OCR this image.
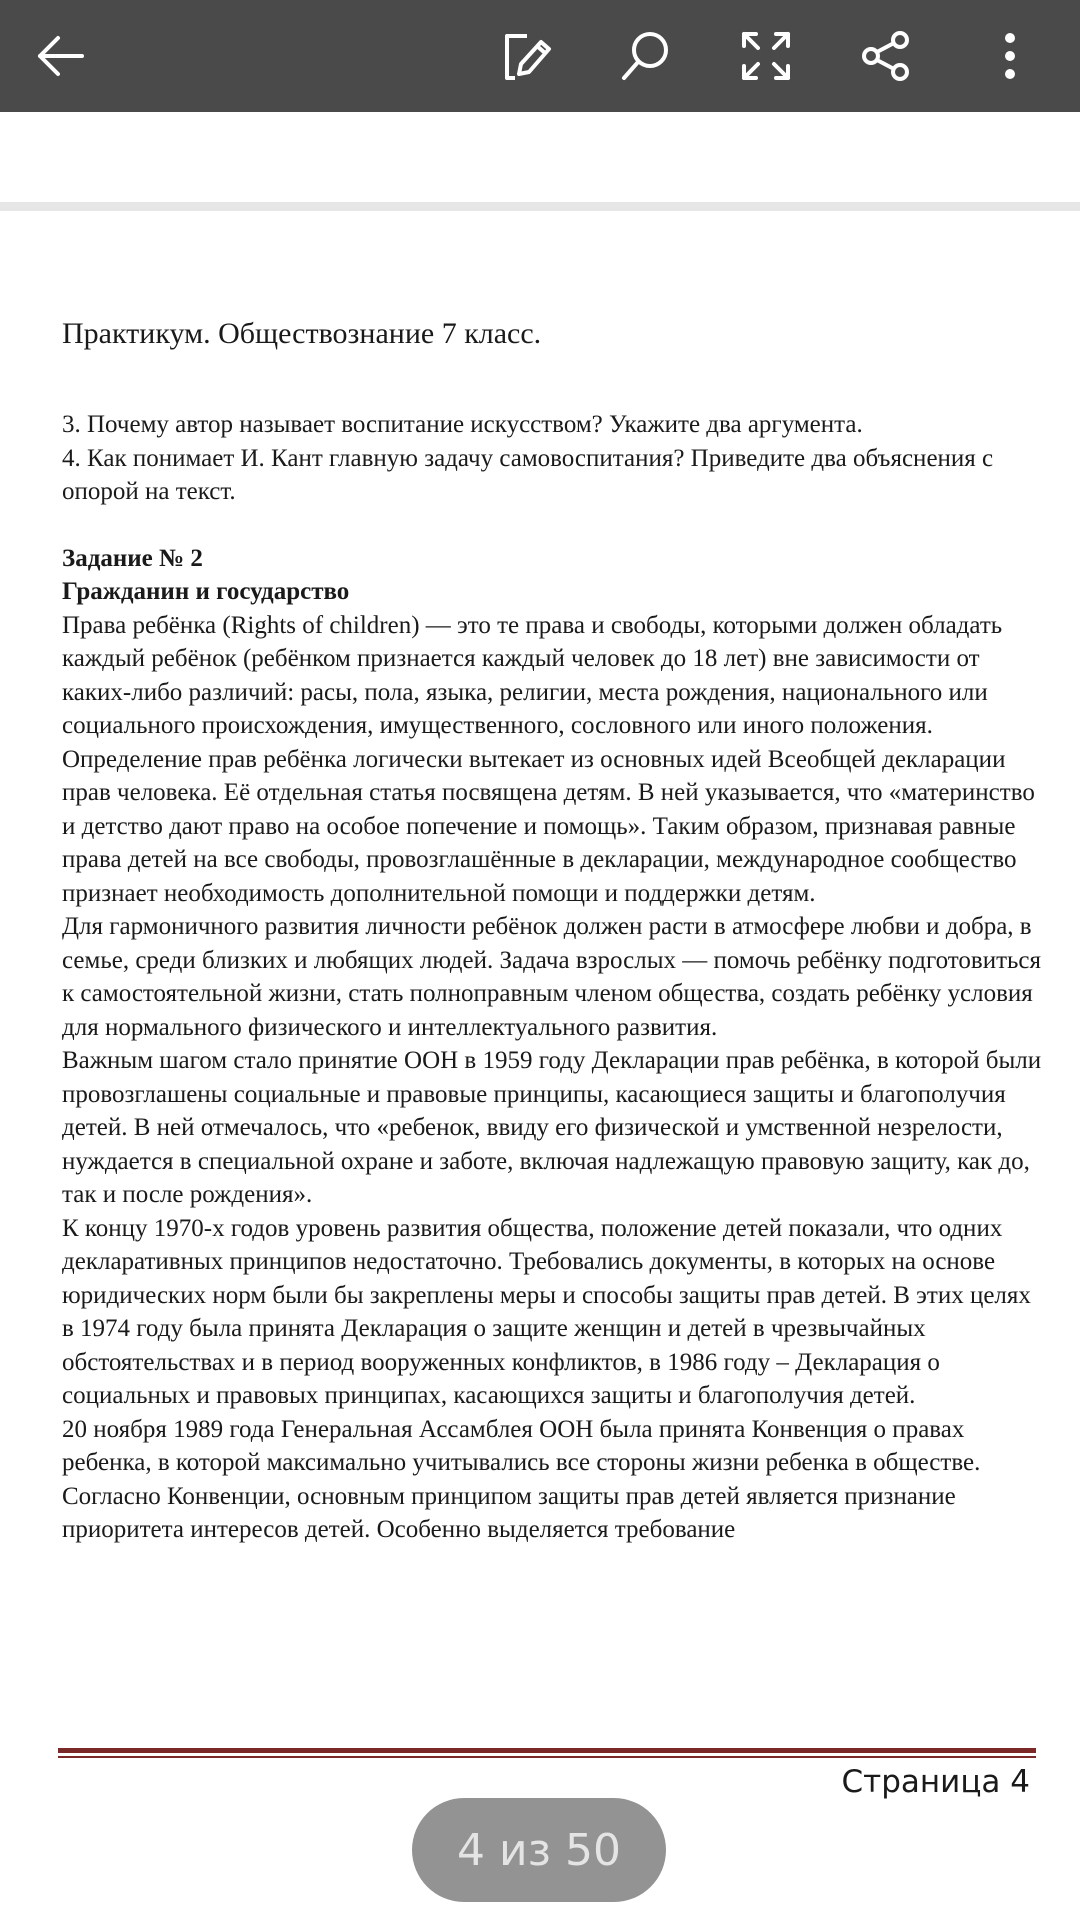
Практикум. Обществознание 7 класс.
3. Почему автор называет воспитание искусством? Укажите два аргумента.
4. Как понимает И. Кант главную задачу самовоспитания? Приведите два объяснения с опорой на текст.
Задание № 2
Гражданин и государство
Права ребёнка (Rights of children) — это те права и свободы, которыми должен обладать каждый ребёнок (ребёнком признается каждый человек до 18 лет) вне зависимости от каких-либо различий: расы, пола, языка, религии, места рождения, национального или социального происхождения, имущественного, сословного или иного положения. Определение прав ребёнка логически вытекает из основных идей Всеобщей декларации прав человека. Её отдельная статья посвящена детям. В ней указывается, что «материнство и детство дают право на особое попечение и помощь». Таким образом, признавая равные права детей на все свободы, провозглашённые в декларации, международное сообщество признает необходимость дополнительной помощи и поддержки детям.
Для гармоничного развития личности ребёнок должен расти в атмосфере любви и добра, в семье, среди близких и любящих людей. Задача взрослых — помочь ребёнку подготовиться к самостоятельной жизни, стать полноправным членом общества, создать ребёнку условия для нормального физического и интеллектуального развития.
Важным шагом стало принятие ООН в 1959 году Декларации прав ребёнка, в которой были провозглашены социальные и правовые принципы, касающиеся защиты и благополучия детей. В ней отмечалось, что «ребенок, ввиду его физической и умственной незрелости, нуждается в специальной охране и заботе, включая надлежащую правовую защиту, как до, так и после рождения».
К концу 1970-х годов уровень развития общества, положение детей показали, что одних декларативных принципов недостаточно. Требовались документы, в которых на основе юридических норм были бы закреплены меры и способы защиты прав детей. В этих целях в 1974 году была принята Декларация о защите женщин и детей в чрезвычайных обстоятельствах и в период вооруженных конфликтов, в 1986 году – Декларация о социальных и правовых принципах, касающихся защиты и благополучия детей.
20 ноября 1989 года Генеральная Ассамблея ООН была принята Конвенция о правах ребенка, в которой максимально учитывались все стороны жизни ребенка в обществе.
Согласно Конвенции, основным принципом защиты прав детей является признание приоритета интересов детей. Особенно выделяется требование
Страница 4
4 из 50
